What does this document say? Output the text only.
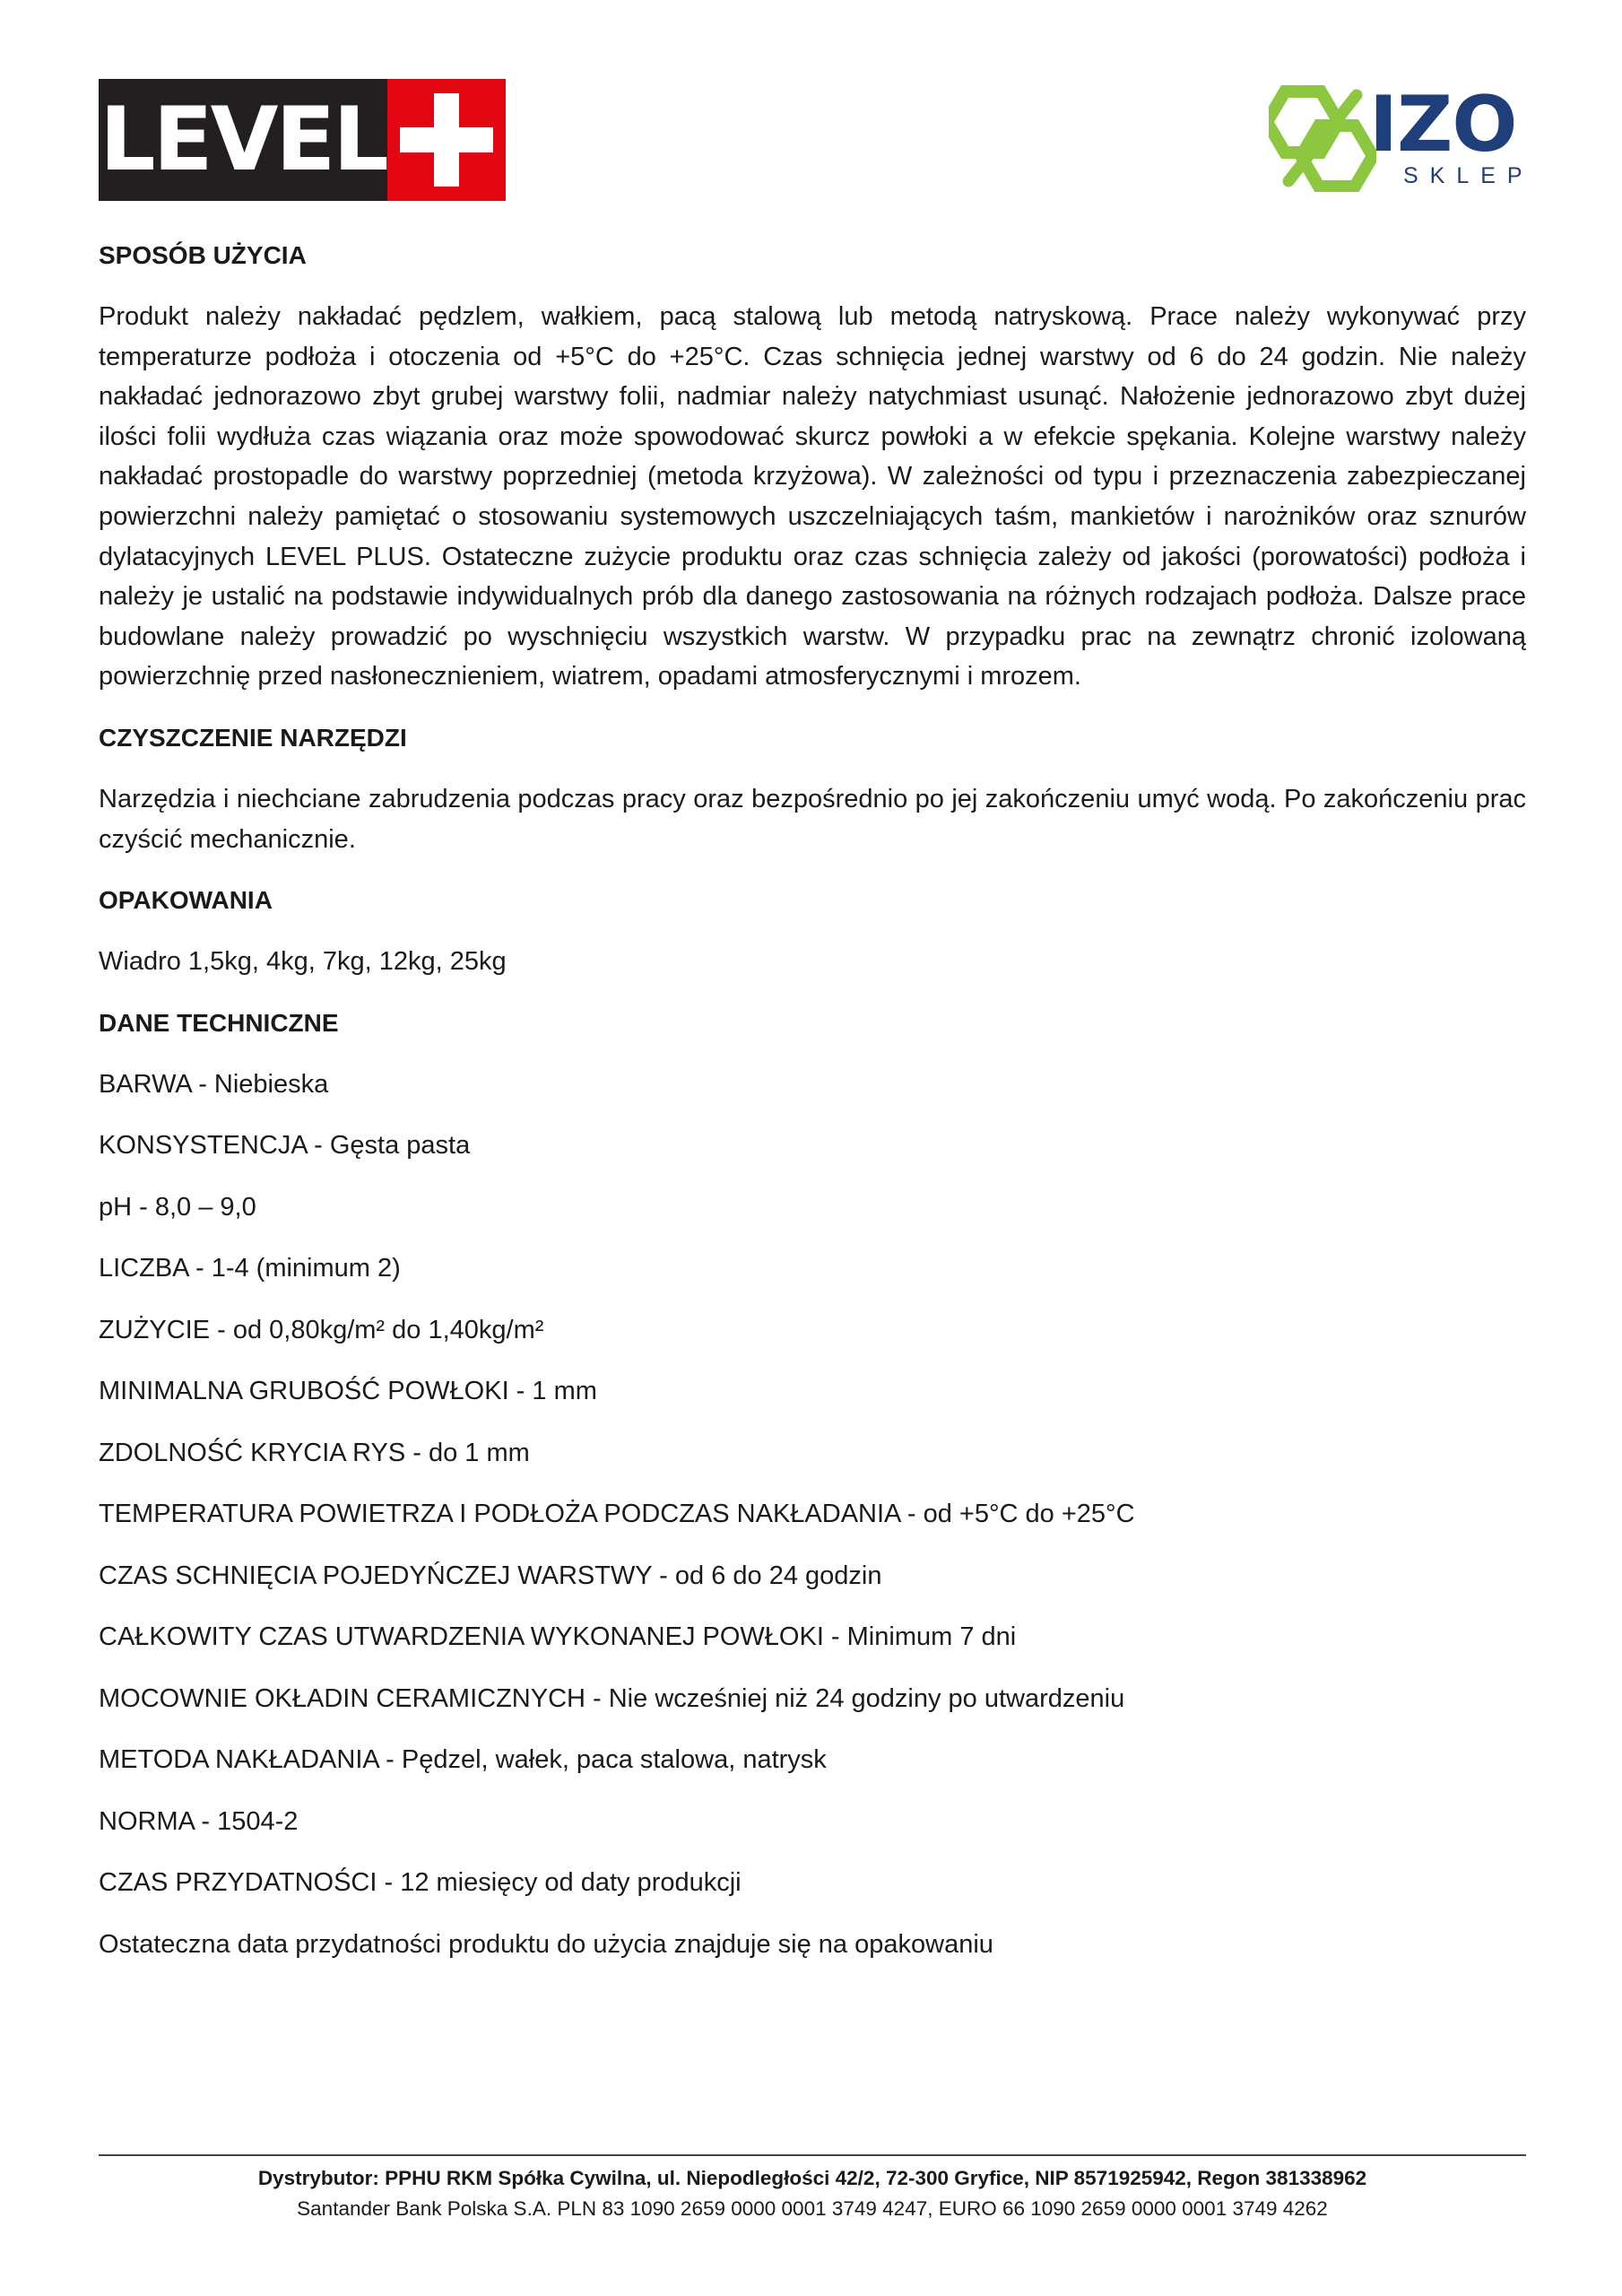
LEVEL	IZO
SKLEP
SPOSÓB UŻYCIA

Produkt należy nakładać pędzlem, wałkiem, pacą stalową lub metodą natryskową. Prace należy wykonywać przy temperaturze podłoża i otoczenia od +5°C do +25°C. Czas schnięcia jednej warstwy od 6 do 24 godzin. Nie należy nakładać jednorazowo zbyt grubej warstwy folii, nadmiar należy natychmiast usunąć. Nałożenie jednorazowo zbyt dużej ilości folii wydłuża czas wiązania oraz może spowodować skurcz powłoki a w efekcie spękania. Kolejne warstwy należy nakładać prostopadle do warstwy poprzedniej (metoda krzyżowa). W zależności od typu i przeznaczenia zabezpieczanej powierzchni należy pamiętać o stosowaniu systemowych uszczelniających taśm, mankietów i narożników oraz sznurów dylatacyjnych LEVEL PLUS. Ostateczne zużycie produktu oraz czas schnięcia zależy od jakości (porowatości) podłoża i należy je ustalić na podstawie indywidualnych prób dla danego zastosowania na różnych rodzajach podłoża. Dalsze prace budowlane należy prowadzić po wyschnięciu wszystkich warstw. W przypadku prac na zewnątrz chronić izolowaną powierzchnię przed nasłonecznieniem, wiatrem, opadami atmosferycznymi i mrozem.

CZYSZCZENIE NARZĘDZI

Narzędzia i niechciane zabrudzenia podczas pracy oraz bezpośrednio po jej zakończeniu umyć wodą. Po zakończeniu prac czyścić mechanicznie.

OPAKOWANIA

Wiadro 1,5kg, 4kg, 7kg, 12kg, 25kg

DANE TECHNICZNE
BARWA - Niebieska
KONSYSTENCJA - Gęsta pasta
pH - 8,0 – 9,0
LICZBA - 1-4 (minimum 2)
ZUŻYCIE - od 0,80kg/m² do 1,40kg/m²
MINIMALNA GRUBOŚĆ POWŁOKI - 1 mm
ZDOLNOŚĆ KRYCIA RYS - do 1 mm
TEMPERATURA POWIETRZA I PODŁOŻA PODCZAS NAKŁADANIA - od +5°C do +25°C
CZAS SCHNIĘCIA POJEDYŃCZEJ WARSTWY - od 6 do 24 godzin
CAŁKOWITY CZAS UTWARDZENIA WYKONANEJ POWŁOKI - Minimum 7 dni
MOCOWNIE OKŁADIN CERAMICZNYCH - Nie wcześniej niż 24 godziny po utwardzeniu
METODA NAKŁADANIA - Pędzel, wałek, paca stalowa, natrysk
NORMA - 1504-2
CZAS PRZYDATNOŚCI - 12 miesięcy od daty produkcji
Ostateczna data przydatności produktu do użycia znajduje się na opakowaniu
Dystrybutor: PPHU RKM Spółka Cywilna, ul. Niepodległości 42/2, 72-300 Gryfice, NIP 8571925942, Regon 381338962
Santander Bank Polska S.A. PLN 83 1090 2659 0000 0001 3749 4247, EURO 66 1090 2659 0000 0001 3749 4262
